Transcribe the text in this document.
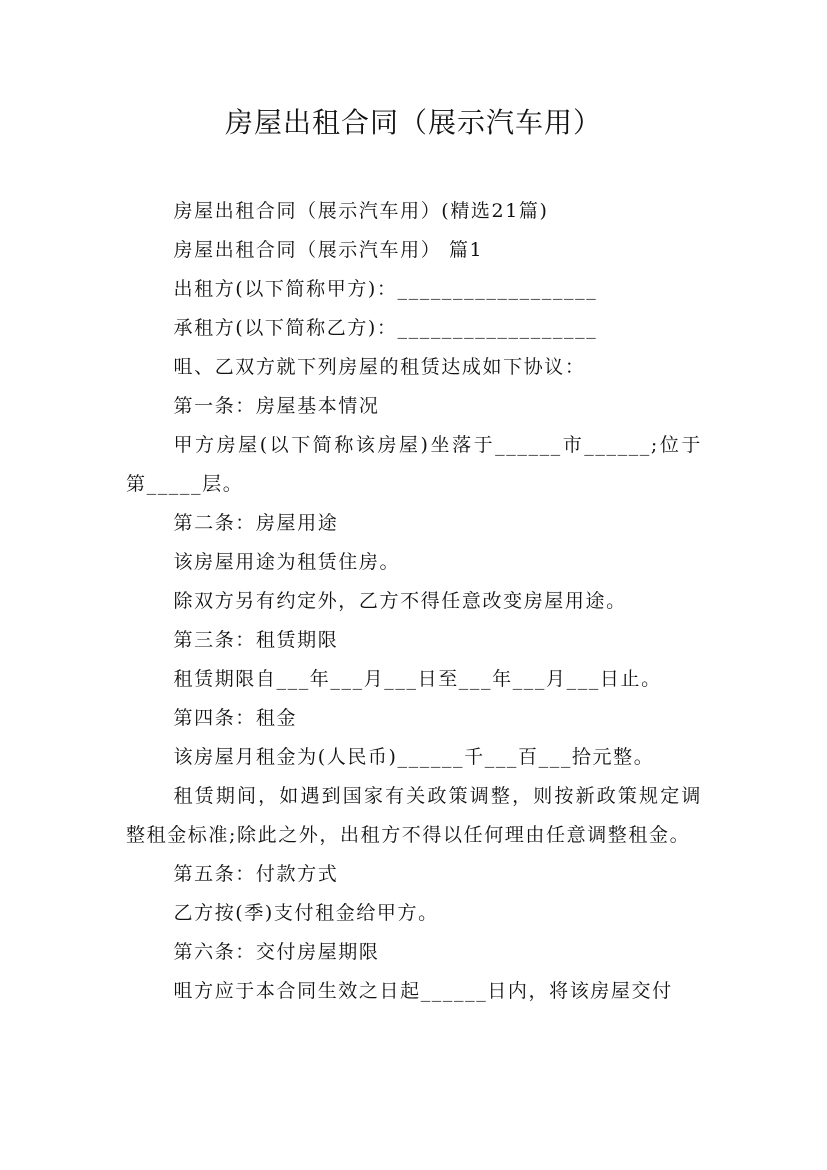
房屋出租合同（展示汽车用）

房屋出租合同（展示汽车用）(精选21篇)

房屋出租合同（展示汽车用） 篇1

出租方(以下简称甲方)：__________________

承租方(以下简称乙方)：__________________

咀、乙双方就下列房屋的租赁达成如下协议：

第一条：房屋基本情况

甲方房屋(以下简称该房屋)坐落于______市______;位于第_____层。

第二条：房屋用途

该房屋用途为租赁住房。

除双方另有约定外，乙方不得任意改变房屋用途。

第三条：租赁期限

租赁期限自___年___月___日至___年___月___日止。

第四条：租金

该房屋月租金为(人民币)______千___百___拾元整。

租赁期间，如遇到国家有关政策调整，则按新政策规定调整租金标准;除此之外，出租方不得以任何理由任意调整租金。

第五条：付款方式

乙方按(季)支付租金给甲方。

第六条：交付房屋期限

咀方应于本合同生效之日起______日内，将该房屋交付
